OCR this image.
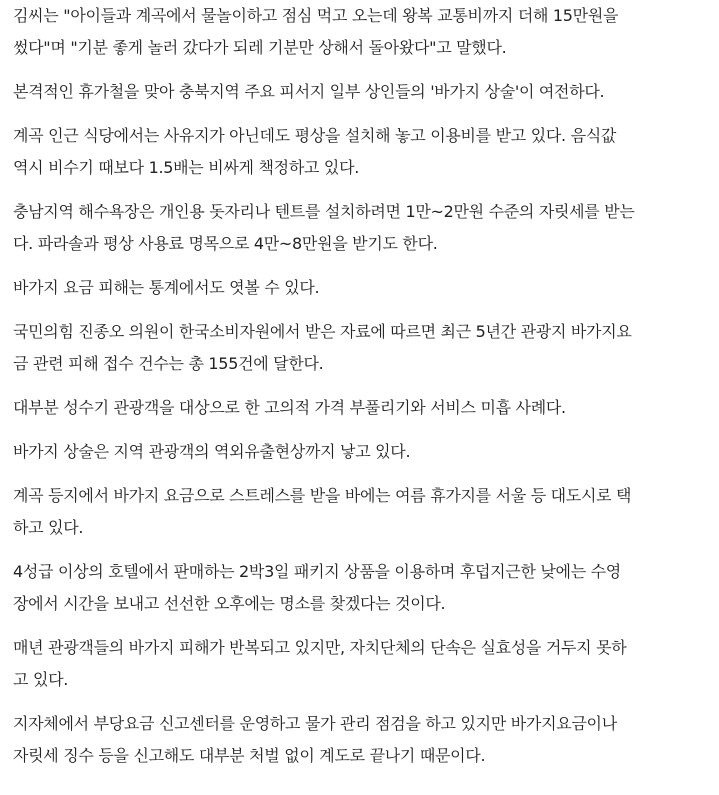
김씨는 "아이들과 계곡에서 물놀이하고 점심 먹고 오는데 왕복 교통비까지 더해 15만원을
썼다"며 "기분 좋게 놀러 갔다가 되레 기분만 상해서 돌아왔다"고 말했다.

본격적인 휴가철을 맞아 충북지역 주요 피서지 일부 상인들의 '바가지 상술'이 여전하다.

계곡 인근 식당에서는 사유지가 아닌데도 평상을 설치해 놓고 이용비를 받고 있다. 음식값
역시 비수기 때보다 1.5배는 비싸게 책정하고 있다.

충남지역 해수욕장은 개인용 돗자리나 텐트를 설치하려면 1만~2만원 수준의 자릿세를 받는
다. 파라솔과 평상 사용료 명목으로 4만~8만원을 받기도 한다.

바가지 요금 피해는 통계에서도 엿볼 수 있다.

국민의힘 진종오 의원이 한국소비자원에서 받은 자료에 따르면 최근 5년간 관광지 바가지요
금 관련 피해 접수 건수는 총 155건에 달한다.

대부분 성수기 관광객을 대상으로 한 고의적 가격 부풀리기와 서비스 미흡 사례다.

바가지 상술은 지역 관광객의 역외유출현상까지 낳고 있다.

계곡 등지에서 바가지 요금으로 스트레스를 받을 바에는 여름 휴가지를 서울 등 대도시로 택
하고 있다.

4성급 이상의 호텔에서 판매하는 2박3일 패키지 상품을 이용하며 후덥지근한 낮에는 수영
장에서 시간을 보내고 선선한 오후에는 명소를 찾겠다는 것이다.

매년 관광객들의 바가지 피해가 반복되고 있지만, 자치단체의 단속은 실효성을 거두지 못하
고 있다.

지자체에서 부당요금 신고센터를 운영하고 물가 관리 점검을 하고 있지만 바가지요금이나
자릿세 징수 등을 신고해도 대부분 처벌 없이 계도로 끝나기 때문이다.
